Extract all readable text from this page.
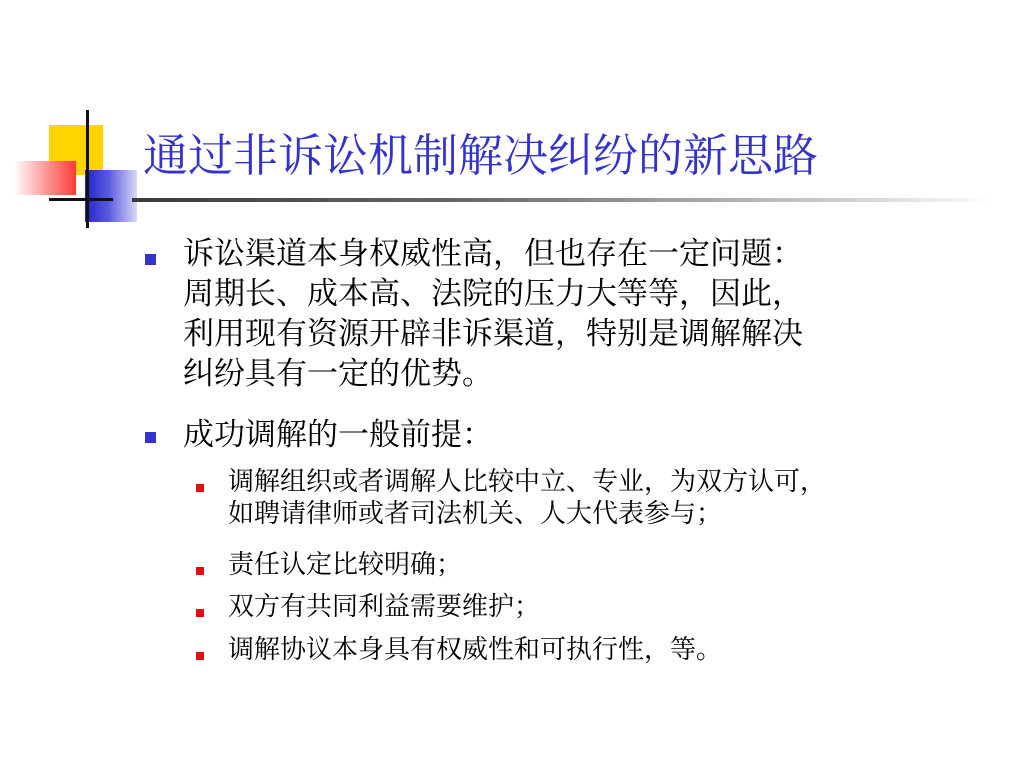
通过非诉讼机制解决纠纷的新思路
诉讼渠道本身权威性高，但也存在一定问题：
周期长、成本高、法院的压力大等等，因此，
利用现有资源开辟非诉渠道，特别是调解解决
纠纷具有一定的优势。
成功调解的一般前提：
调解组织或者调解人比较中立、专业，为双方认可，
如聘请律师或者司法机关、人大代表参与；
责任认定比较明确；
双方有共同利益需要维护；
调解协议本身具有权威性和可执行性，等。
